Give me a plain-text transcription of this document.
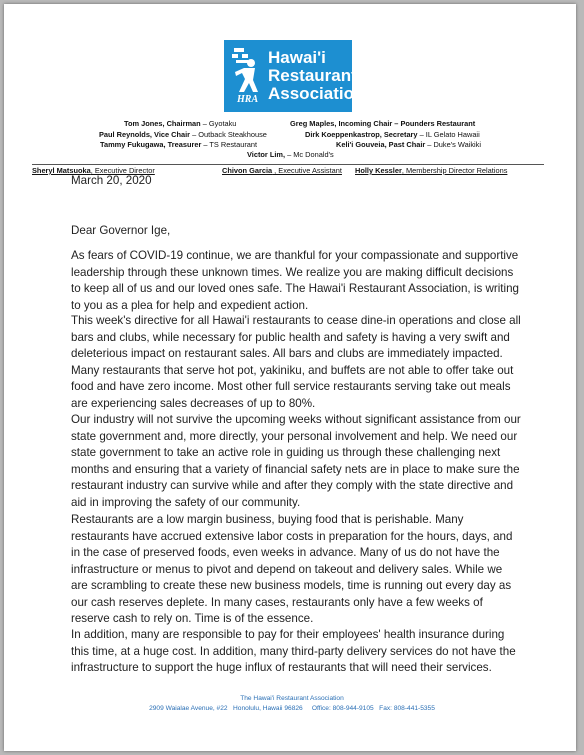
Hawai'i
Restaurant
Association
HRA
Tom Jones, Chairman – Gyotaku	Greg Maples, Incoming Chair – Pounders Restaurant
Paul Reynolds, Vice Chair – Outback Steakhouse	Dirk Koeppenkastrop, Secretary – IL Gelato Hawaii
Tammy Fukugawa, Treasurer – TS Restaurant	Keli'i Gouveia, Past Chair – Duke's Waikiki
Victor Lim, – Mc Donald's
Sheryl Matsuoka, Executive Director	Chivon Garcia , Executive Assistant Holly Kessler, Membership Director Relations
March 20, 2020
Dear Governor Ige,
As fears of COVID-19 continue, we are thankful for your compassionate and supportive leadership through these unknown times. We realize you are making difficult decisions to keep all of us and our loved ones safe. The Hawai'i Restaurant Association, is writing to you as a plea for help and expedient action.
This week's directive for all Hawai'i restaurants to cease dine-in operations and close all bars and clubs, while necessary for public health and safety is having a very swift and deleterious impact on restaurant sales. All bars and clubs are immediately impacted. Many restaurants that serve hot pot, yakiniku, and buffets are not able to offer take out food and have zero income. Most other full service restaurants serving take out meals are experiencing sales decreases of up to 80%.
Our industry will not survive the upcoming weeks without significant assistance from our state government and, more directly, your personal involvement and help. We need our state government to take an active role in guiding us through these challenging next months and ensuring that a variety of financial safety nets are in place to make sure the restaurant industry can survive while and after they comply with the state directive and aid in improving the safety of our community.
Restaurants are a low margin business, buying food that is perishable. Many restaurants have accrued extensive labor costs in preparation for the hours, days, and in the case of preserved foods, even weeks in advance. Many of us do not have the infrastructure or menus to pivot and depend on takeout and delivery sales. While we are scrambling to create these new business models, time is running out every day as our cash reserves deplete. In many cases, restaurants only have a few weeks of reserve cash to rely on. Time is of the essence.
In addition, many are responsible to pay for their employees' health insurance during this time, at a huge cost. In addition, many third-party delivery services do not have the infrastructure to support the huge influx of restaurants that will need their services.
The Hawai'i Restaurant Association
2909 Waialae Avenue, #22   Honolulu, Hawaii 96826     Office: 808-944-9105   Fax: 808-441-5355
